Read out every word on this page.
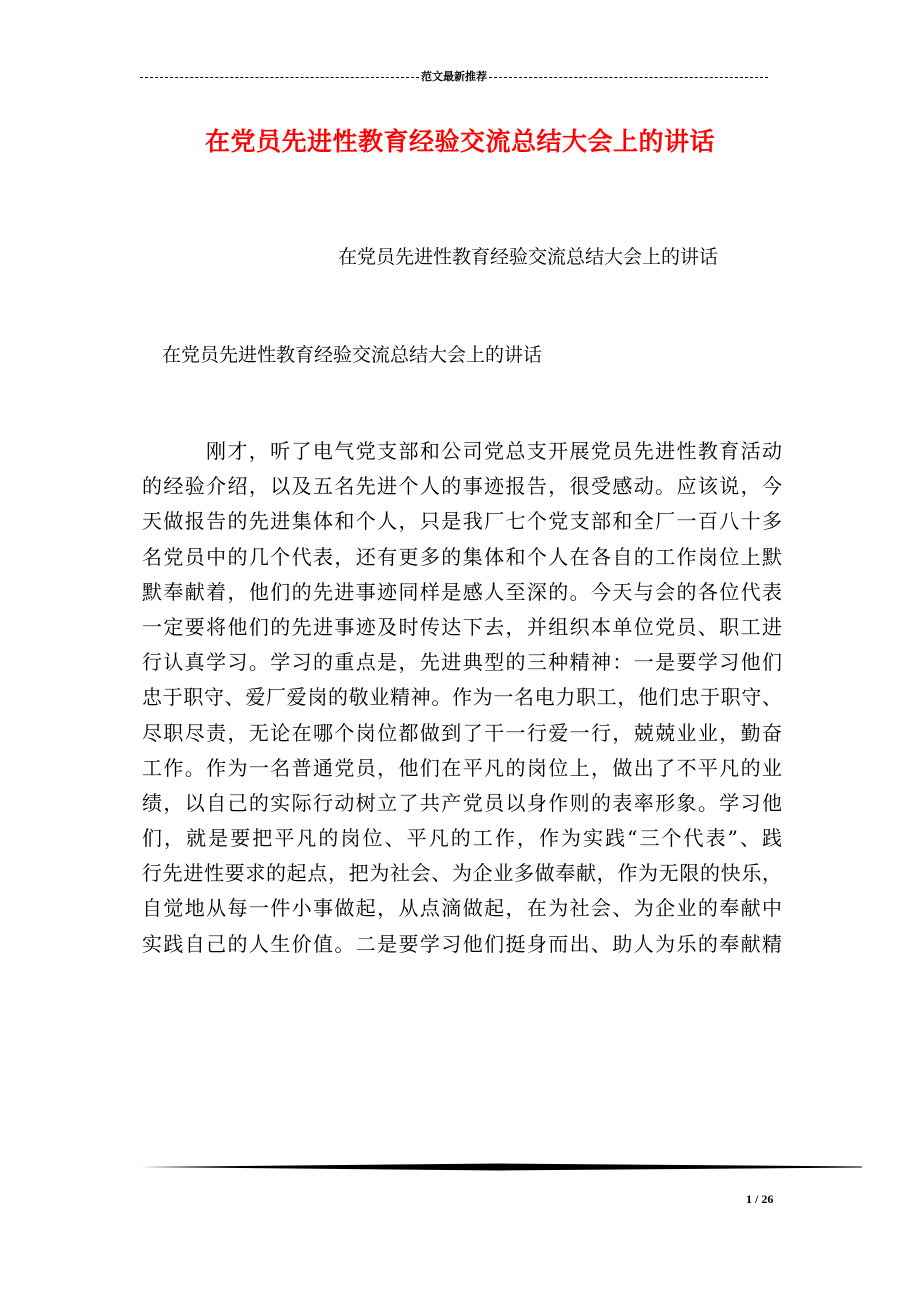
范文最新推荐
在党员先进性教育经验交流总结大会上的讲话
在党员先进性教育经验交流总结大会上的讲话
在党员先进性教育经验交流总结大会上的讲话
刚才，听了电气党支部和公司党总支开展党员先进性教育活动
的经验介绍，以及五名先进个人的事迹报告，很受感动。应该说，今
天做报告的先进集体和个人，只是我厂七个党支部和全厂一百八十多
名党员中的几个代表，还有更多的集体和个人在各自的工作岗位上默
默奉献着，他们的先进事迹同样是感人至深的。今天与会的各位代表
一定要将他们的先进事迹及时传达下去，并组织本单位党员、职工进
行认真学习。学习的重点是，先进典型的三种精神：一是要学习他们
忠于职守、爱厂爱岗的敬业精神。作为一名电力职工，他们忠于职守、
尽职尽责，无论在哪个岗位都做到了干一行爱一行，兢兢业业，勤奋
工作。作为一名普通党员，他们在平凡的岗位上，做出了不平凡的业
绩，以自己的实际行动树立了共产党员以身作则的表率形象。学习他
们，就是要把平凡的岗位、平凡的工作，作为实践“三个代表”、践
行先进性要求的起点，把为社会、为企业多做奉献，作为无限的快乐，
自觉地从每一件小事做起，从点滴做起，在为社会、为企业的奉献中
实践自己的人生价值。二是要学习他们挺身而出、助人为乐的奉献精
1 / 26
